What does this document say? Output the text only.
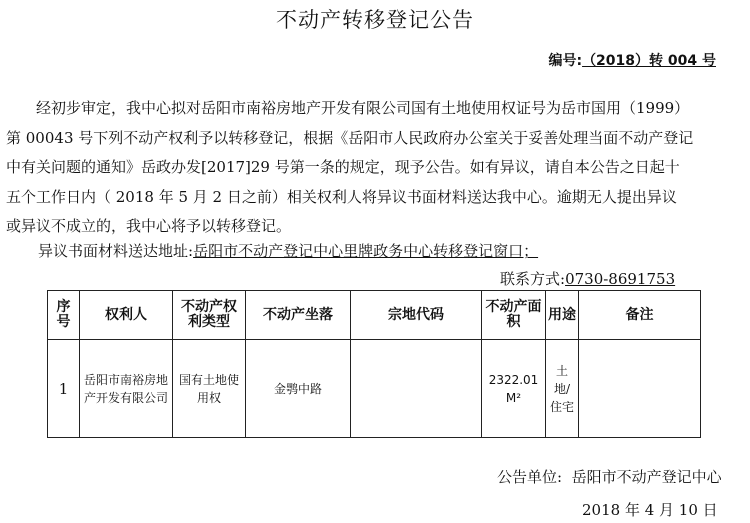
不动产转移登记公告
编号:（2018）转 004 号
　　经初步审定，我中心拟对岳阳市南裕房地产开发有限公司国有土地使用权证号为岳市国用（1999）
第 00043 号下列不动产权利予以转移登记，根据《岳阳市人民政府办公室关于妥善处理当面不动产登记
中有关问题的通知》岳政办发[2017]29 号第一条的规定，现予公告。如有异议，请自本公告之日起十
五个工作日内（ 2018 年 5 月 2 日之前）相关权利人将异议书面材料送达我中心。逾期无人提出异议
或异议不成立的，我中心将予以转移登记。
异议书面材料送达地址:岳阳市不动产登记中心里牌政务中心转移登记窗口；
联系方式:0730-8691753
序号	权利人	不动产权利类型	不动产坐落	宗地代码	不动产面积	用途	备注
1	岳阳市南裕房地产开发有限公司	国有土地使用权	金鹗中路		2322.01 M²	土地/住宅	
公告单位: 岳阳市不动产登记中心
2018 年 4 月 10 日
